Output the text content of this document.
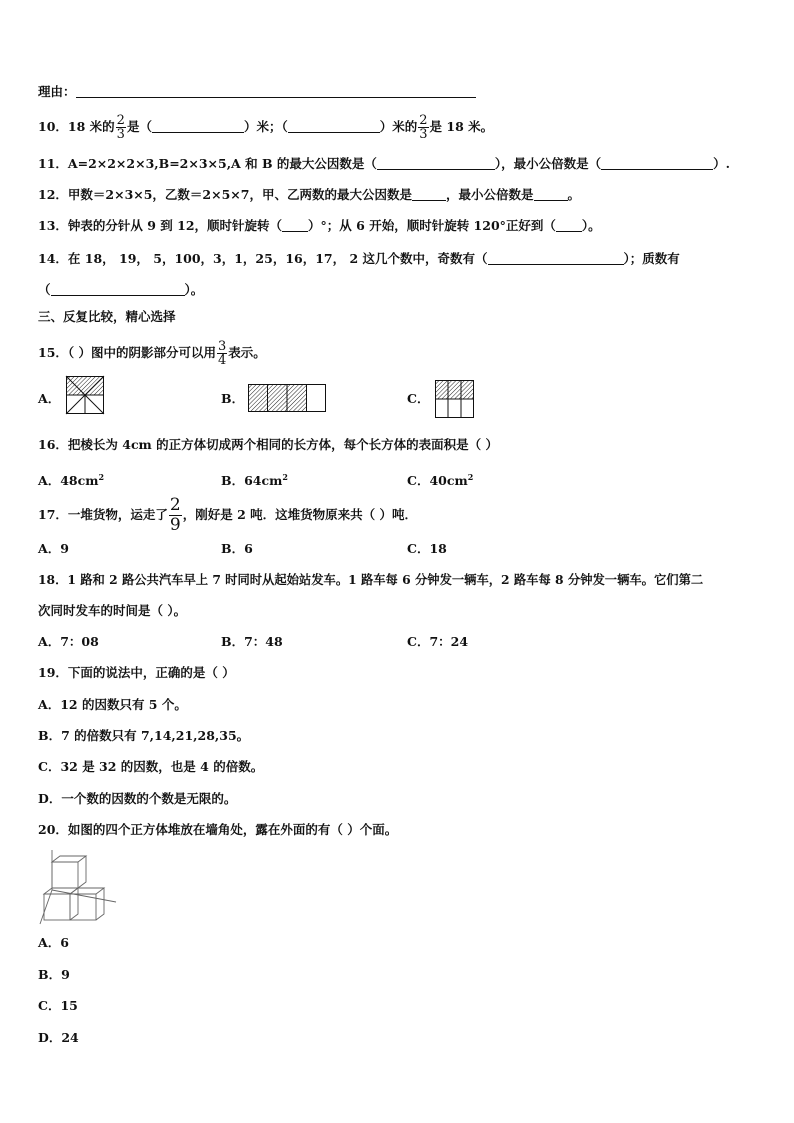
理由：
10．18 米的 $\frac{2}{3}$ 是（	）米；（	）米的 $\frac{2}{3}$ 是 18 米。
11．A=2×2×2×3,B=2×3×5,A 和 B 的最大公因数是（	），最小公倍数是（	）.
12．甲数＝2×3×5，乙数＝2×5×7，甲、乙两数的最大公因数是	，最小公倍数是	。
13．钟表的分针从 9 到 12，顺时针旋转（ ）°；从 6 开始，顺时针旋转 120°正好到（ ）。
14．在 18， 19， 5，100，3，1，25，16，17， 2 这几个数中，奇数有（	）；质数有
（	）。
三、反复比较，精心选择
15．（ ）图中的阴影部分可以用 $\frac{3}{4}$ 表示。
A．	B．	C．
16．把棱长为 4cm 的正方体切成两个相同的长方体，每个长方体的表面积是（ ）
A．$48cm^2$	B．$64cm^2$	C．$40cm^2$
17．一堆货物，运走了 $\frac{2}{9}$ ，刚好是 2 吨．这堆货物原来共（ ）吨．
A．9	B．6	C．18
18．1 路和 2 路公共汽车早上 7 时同时从起始站发车。1 路车每 6 分钟发一辆车，2 路车每 8 分钟发一辆车。它们第二
次同时发车的时间是（ ）。
A．7：08	B．7：48	C．7：24
19．下面的说法中，正确的是（ ）
A．12 的因数只有 5 个。
B．7 的倍数只有 7,14,21,28,35。
C．32 是 32 的因数，也是 4 的倍数。
D．一个数的因数的个数是无限的。
20．如图的四个正方体堆放在墙角处，露在外面的有（ ）个面。
A．6
B．9
C．15
D．24
